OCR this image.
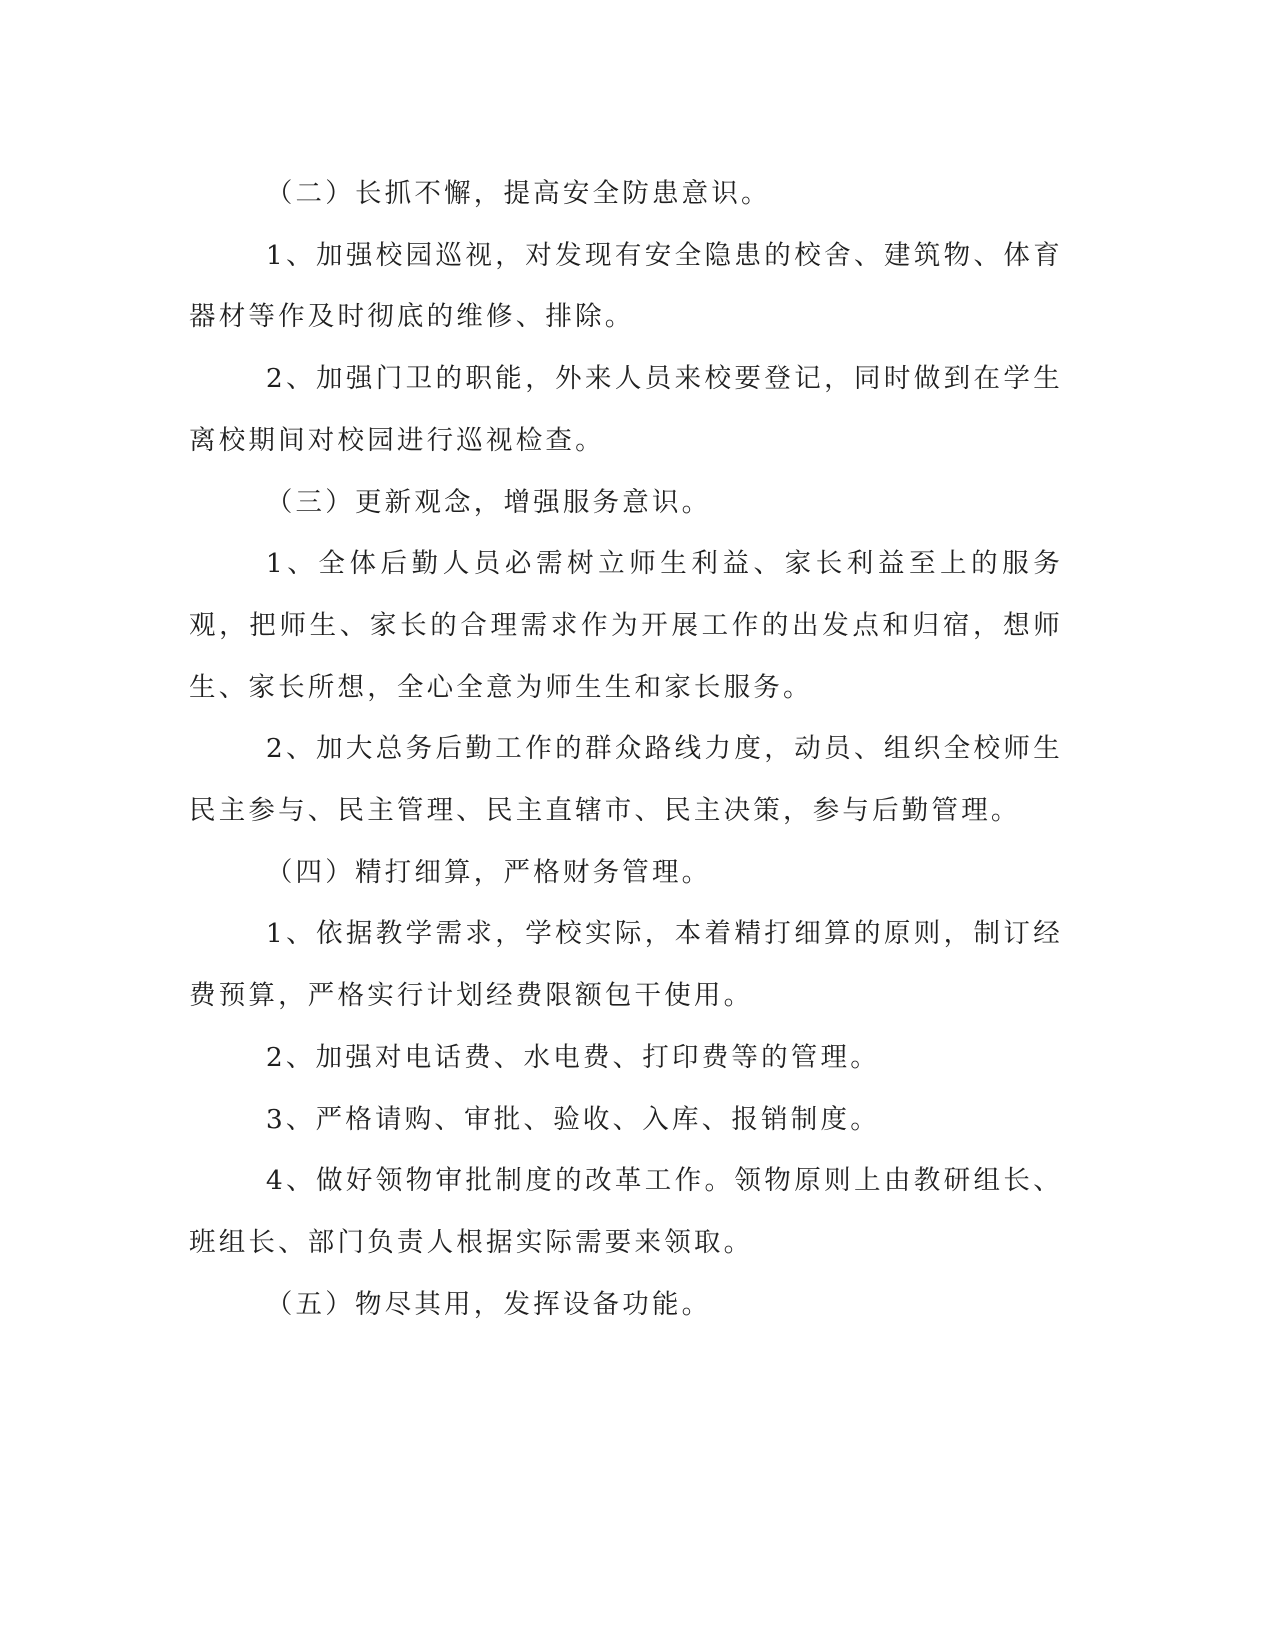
（二）长抓不懈，提高安全防患意识。

1、加强校园巡视，对发现有安全隐患的校舍、建筑物、体育器材等作及时彻底的维修、排除。

2、加强门卫的职能，外来人员来校要登记，同时做到在学生离校期间对校园进行巡视检查。

（三）更新观念，增强服务意识。

1、全体后勤人员必需树立师生利益、家长利益至上的服务观，把师生、家长的合理需求作为开展工作的出发点和归宿，想师生、家长所想，全心全意为师生生和家长服务。

2、加大总务后勤工作的群众路线力度，动员、组织全校师生民主参与、民主管理、民主直辖市、民主决策，参与后勤管理。

（四）精打细算，严格财务管理。

1、依据教学需求，学校实际，本着精打细算的原则，制订经费预算，严格实行计划经费限额包干使用。

2、加强对电话费、水电费、打印费等的管理。

3、严格请购、审批、验收、入库、报销制度。

4、做好领物审批制度的改革工作。领物原则上由教研组长、班组长、部门负责人根据实际需要来领取。

（五）物尽其用，发挥设备功能。
